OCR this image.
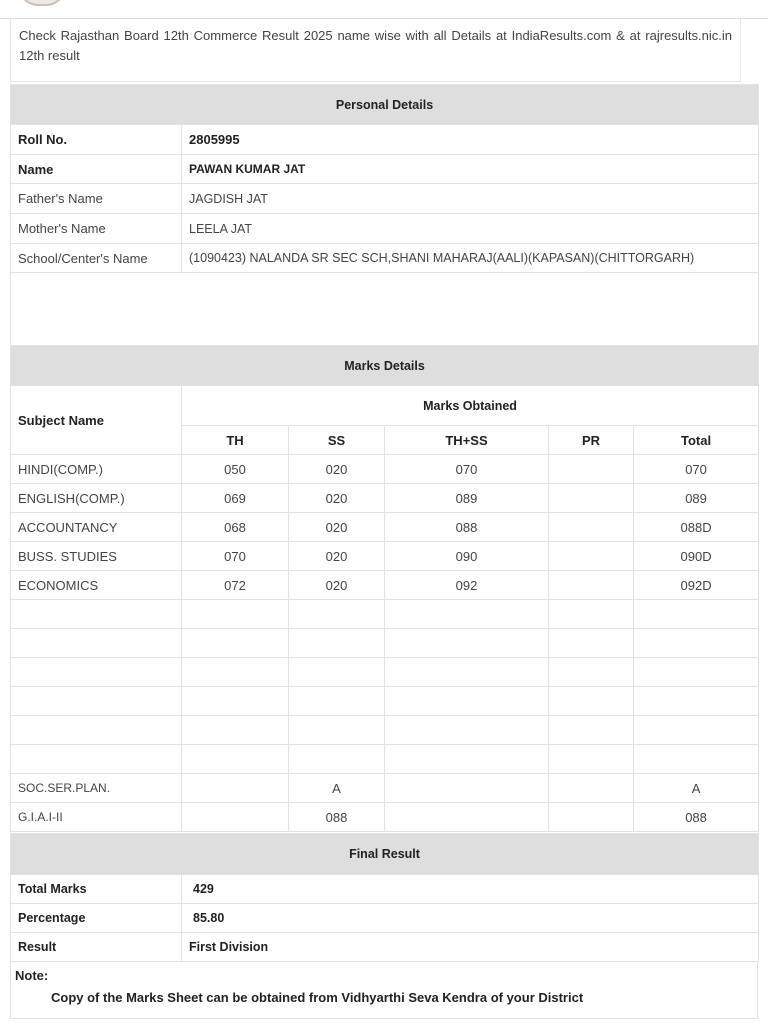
Check Rajasthan Board 12th Commerce Result 2025 name wise with all Details at IndiaResults.com & at rajresults.nic.in 12th result
Personal Details	
Roll No.	2805995
Name	PAWAN KUMAR JAT
Father's Name	JAGDISH JAT
Mother's Name	LEELA JAT
School/Center's Name	(1090423) NALANDA SR SEC SCH,SHANI MAHARAJ(AALI)(KAPASAN)(CHITTORGARH)

Marks Details					
Subject Name	Marks Obtained				
	TH	SS	TH+SS	PR	Total
HINDI(COMP.)	050	020	070		070
ENGLISH(COMP.)	069	020	089		089
ACCOUNTANCY	068	020	088		088D
BUSS. STUDIES	070	020	090		090D
ECONOMICS	072	020	092		092D

SOC.SER.PLAN.		A			A
G.I.A.I-II		088			088
Final Result	
Total Marks	429
Percentage	85.80
Result	First Division
Note:
Copy of the Marks Sheet can be obtained from Vidhyarthi Seva Kendra of your District
